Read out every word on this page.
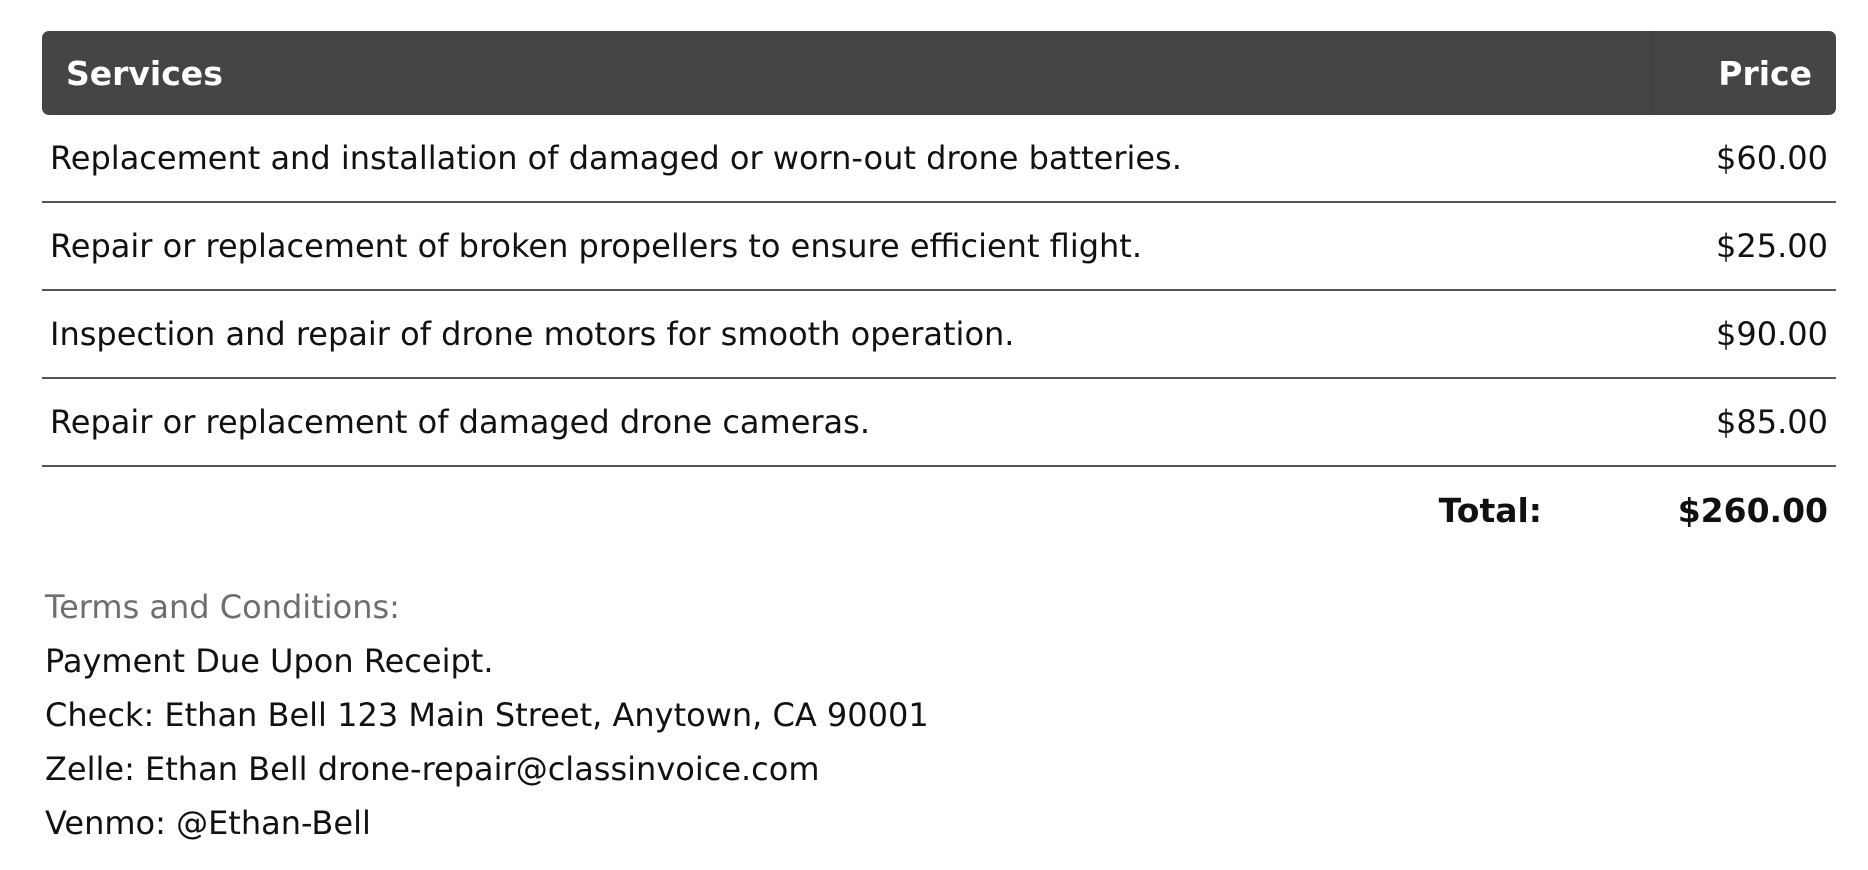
Services	Price
Replacement and installation of damaged or worn-out drone batteries.	$60.00
Repair or replacement of broken propellers to ensure efficient flight.	$25.00
Inspection and repair of drone motors for smooth operation.	$90.00
Repair or replacement of damaged drone cameras.	$85.00
Total:	$260.00

Terms and Conditions:

Payment Due Upon Receipt.

Check: Ethan Bell 123 Main Street, Anytown, CA 90001

Zelle: Ethan Bell drone-repair@classinvoice.com

Venmo: @Ethan-Bell
